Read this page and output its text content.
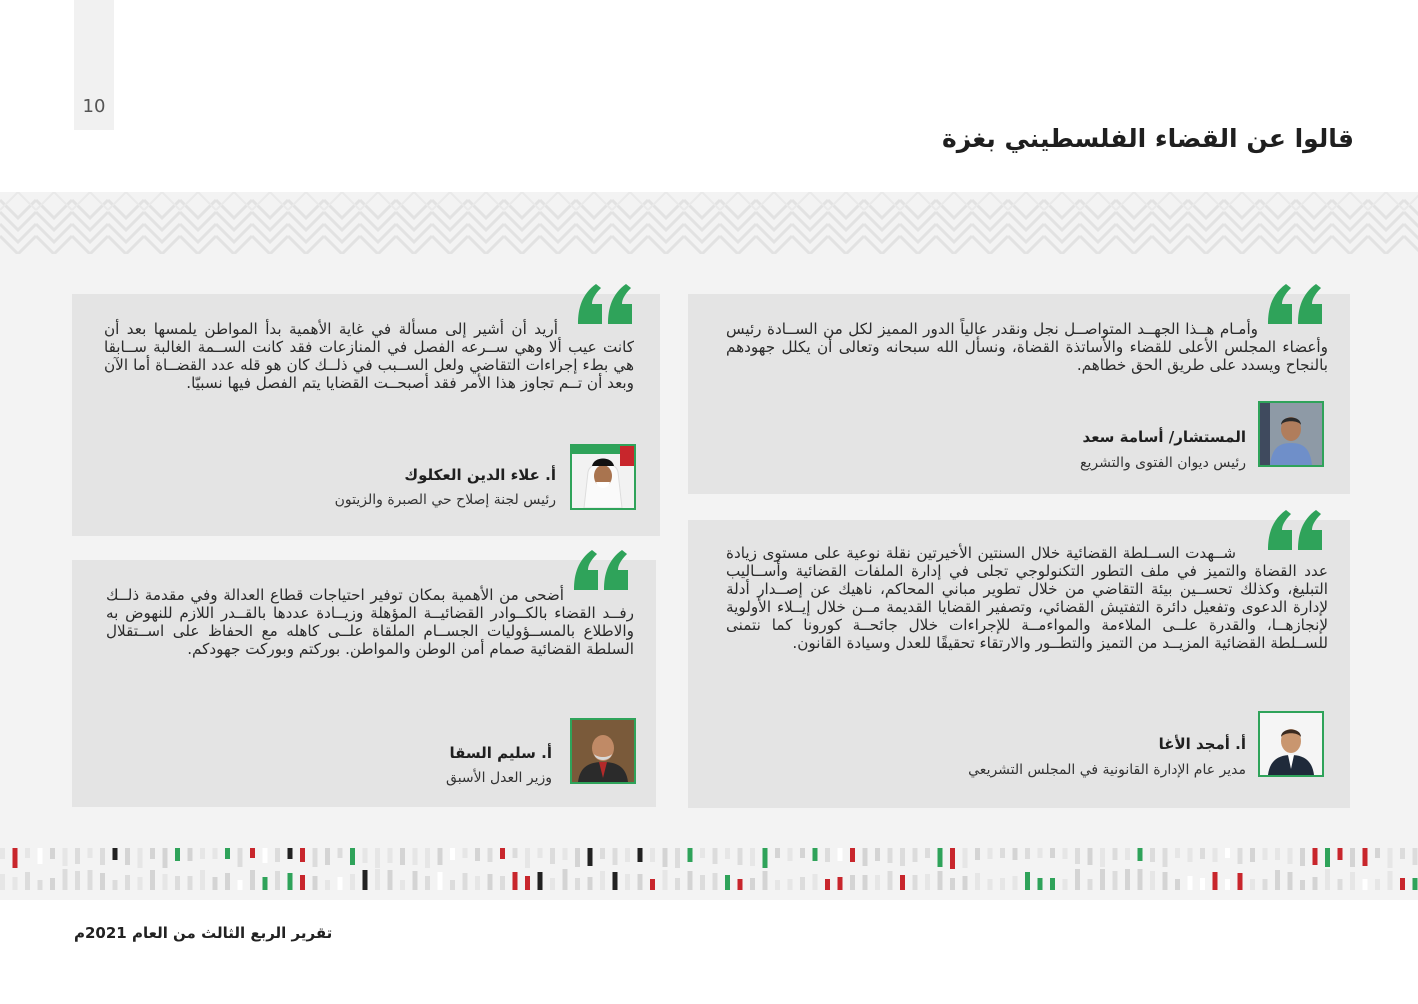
10
قالوا عن القضاء الفلسطيني بغزة
وأمـام هــذا الجهــد المتواصــل نجل ونقدر عالياً الدور المميز لكل من الســادة رئيس وأعضاء المجلس الأعلى للقضاء والأساتذة القضاة، ونسأل الله سبحانه وتعالى أن يكلل جهودهم بالنجاح ويسدد على طريق الحق خطاهم.
المستشار/ أسامة سعد
رئيس ديوان الفتوى والتشريع
أريد أن أشير إلى مسألة في غاية الأهمية بدأ المواطن يلمسها بعد أن كانت عيب ألا وهي ســرعه الفصل في المنازعات فقد كانت الســمة الغالبة ســابقا هي بطء إجراءات التقاضي ولعل الســبب في ذلــك كان هو قله عدد القضــاة أما الآن وبعد أن تــم تجاوز هذا الأمر فقد أصبحــت القضايا يتم الفصل فيها نسبيّا.
أ. علاء الدين العكلوك
رئيس لجنة إصلاح حي الصبرة والزيتون
شــهدت الســلطة القضائية خلال السنتين الأخيرتين نقلة نوعية على مستوى زيادة عدد القضاة والتميز في ملف التطور التكنولوجي تجلى في إدارة الملفات القضائية وأســاليب التبليغ، وكذلك تحســين بيئة التقاضي من خلال تطوير مباني المحاكم، ناهيك عن إصــدار أدلة لإدارة الدعوى وتفعيل دائرة التفتيش القضائي، وتصفير القضايا القديمة مــن خلال إيــلاء الأولوية لإنجازهــا، والقدرة علــى الملاءمة والمواءمــة للإجراءات خلال جائحــة كورونا كما نتمنى للســلطة القضائية المزيــد من التميز والتطــور والارتقاء تحقيقًا للعدل وسيادة القانون.
أ. أمجد الأغا
مدير عام الإدارة القانونية في المجلس التشريعي
أضحى من الأهمية بمكان توفير احتياجات قطاع العدالة وفي مقدمة ذلــك رفــد القضاء بالكــوادر القضائيــة المؤهلة وزيــادة عددها بالقــدر اللازم للنهوض به والاطلاع بالمســؤوليات الجســام الملقاة علــى كاهله مع الحفاظ على اســتقلال السلطة القضائية صمام أمن الوطن والمواطن. بوركتم وبوركت جهودكم.
أ. سليم السقا
وزير العدل الأسبق
تقرير الربع الثالث من العام 2021م
